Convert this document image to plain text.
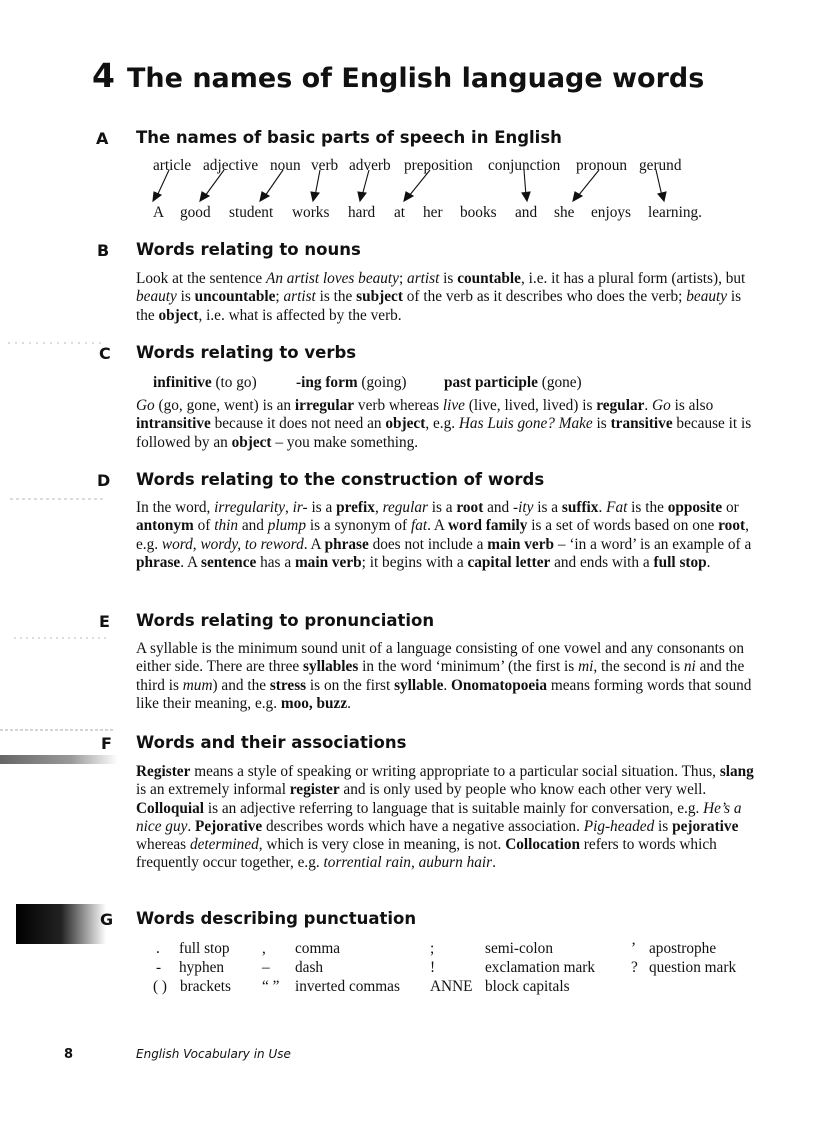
4 The names of English language words
A The names of basic parts of speech in English
article adjective noun verb adverb preposition conjunction pronoun gerund
A good student works hard at her books and she enjoys learning.
B Words relating to nouns

Look at the sentence An artist loves beauty; artist is countable, i.e. it has a plural form (artists), but beauty is uncountable; artist is the subject of the verb as it describes who does the verb; beauty is the object, i.e. what is affected by the verb.

C Words relating to verbs
infinitive (to go)	-ing form (going) past participle (gone)

Go (go, gone, went) is an irregular verb whereas live (live, lived, lived) is regular. Go is also intransitive because it does not need an object, e.g. Has Luis gone? Make is transitive because it is followed by an object – you make something.

D Words relating to the construction of words

In the word, irregularity, ir- is a prefix, regular is a root and -ity is a suffix. Fat is the opposite or antonym of thin and plump is a synonym of fat. A word family is a set of words based on one root, e.g. word, wordy, to reword. A phrase does not include a main verb – ‘in a word’ is an example of a phrase. A sentence has a main verb; it begins with a capital letter and ends with a full stop.

E Words relating to pronunciation

A syllable is the minimum sound unit of a language consisting of one vowel and any consonants on either side. There are three syllables in the word ‘minimum’ (the first is mi, the second is ni and the third is mum) and the stress is on the first syllable. Onomatopoeia means forming words that sound like their meaning, e.g. moo, buzz.

F Words and their associations

Register means a style of speaking or writing appropriate to a particular social situation. Thus, slang is an extremely informal register and is only used by people who know each other very well. Colloquial is an adjective referring to language that is suitable mainly for conversation, e.g. He’s a nice guy. Pejorative describes words which have a negative association. Pig-headed is pejorative whereas determined, which is very close in meaning, is not. Collocation refers to words which frequently occur together, e.g. torrential rain, auburn hair.

G Words describing punctuation
. full stop , comma	;	semi-colon	’ apostrophe
- hyphen – dash	!	exclamation mark ? question mark
( ) brackets “ ” inverted commas ANNE block capitals
8	English Vocabulary in Use
